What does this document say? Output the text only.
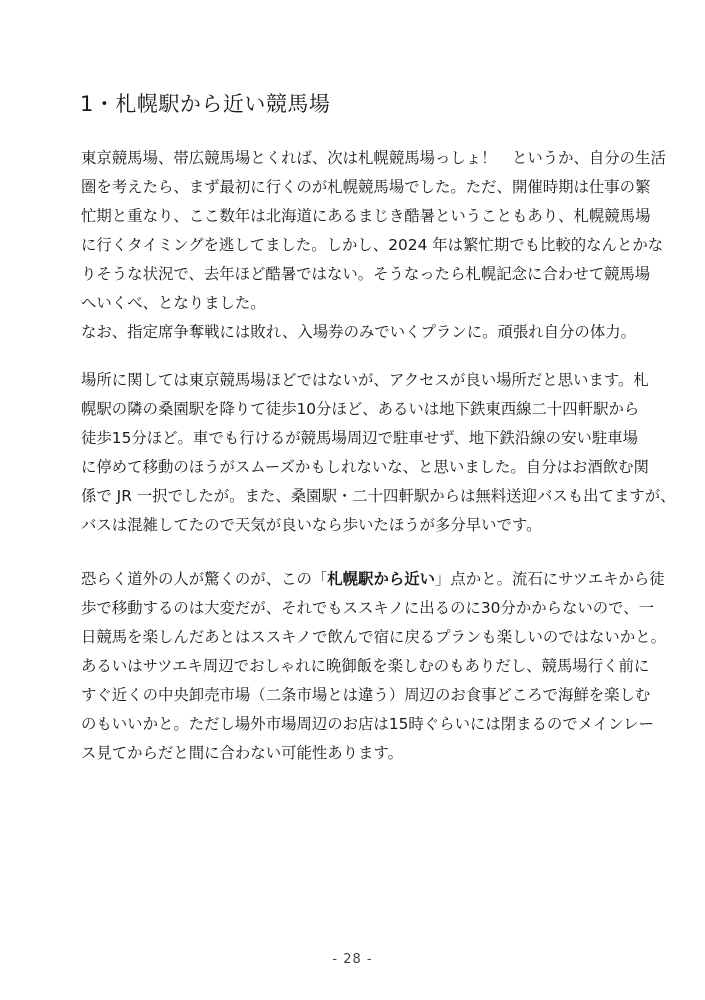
1・札幌駅から近い競馬場
東京競馬場、帯広競馬場とくれば、次は札幌競馬場っしょ！　というか、自分の生活
圏を考えたら、まず最初に行くのが札幌競馬場でした。ただ、開催時期は仕事の繁
忙期と重なり、ここ数年は北海道にあるまじき酷暑ということもあり、札幌競馬場
に行くタイミングを逃してました。しかし、2024 年は繁忙期でも比較的なんとかな
りそうな状況で、去年ほど酷暑ではない。そうなったら札幌記念に合わせて競馬場
へいくべ、となりました。
なお、指定席争奪戦には敗れ、入場券のみでいくプランに。頑張れ自分の体力。
場所に関しては東京競馬場ほどではないが、アクセスが良い場所だと思います。札
幌駅の隣の桑園駅を降りて徒歩10分ほど、あるいは地下鉄東西線二十四軒駅から
徒歩15分ほど。車でも行けるが競馬場周辺で駐車せず、地下鉄沿線の安い駐車場
に停めて移動のほうがスムーズかもしれないな、と思いました。自分はお酒飲む関
係で JR 一択でしたが。また、桑園駅・二十四軒駅からは無料送迎バスも出てますが、
バスは混雑してたので天気が良いなら歩いたほうが多分早いです。
恐らく道外の人が驚くのが、この「札幌駅から近い」点かと。流石にサツエキから徒
歩で移動するのは大変だが、それでもススキノに出るのに30分かからないので、一
日競馬を楽しんだあとはススキノで飲んで宿に戻るプランも楽しいのではないかと。
あるいはサツエキ周辺でおしゃれに晩御飯を楽しむのもありだし、競馬場行く前に
すぐ近くの中央卸売市場（二条市場とは違う）周辺のお食事どころで海鮮を楽しむ
のもいいかと。ただし場外市場周辺のお店は15時ぐらいには閉まるのでメインレー
ス見てからだと間に合わない可能性あります。
- 28 -
